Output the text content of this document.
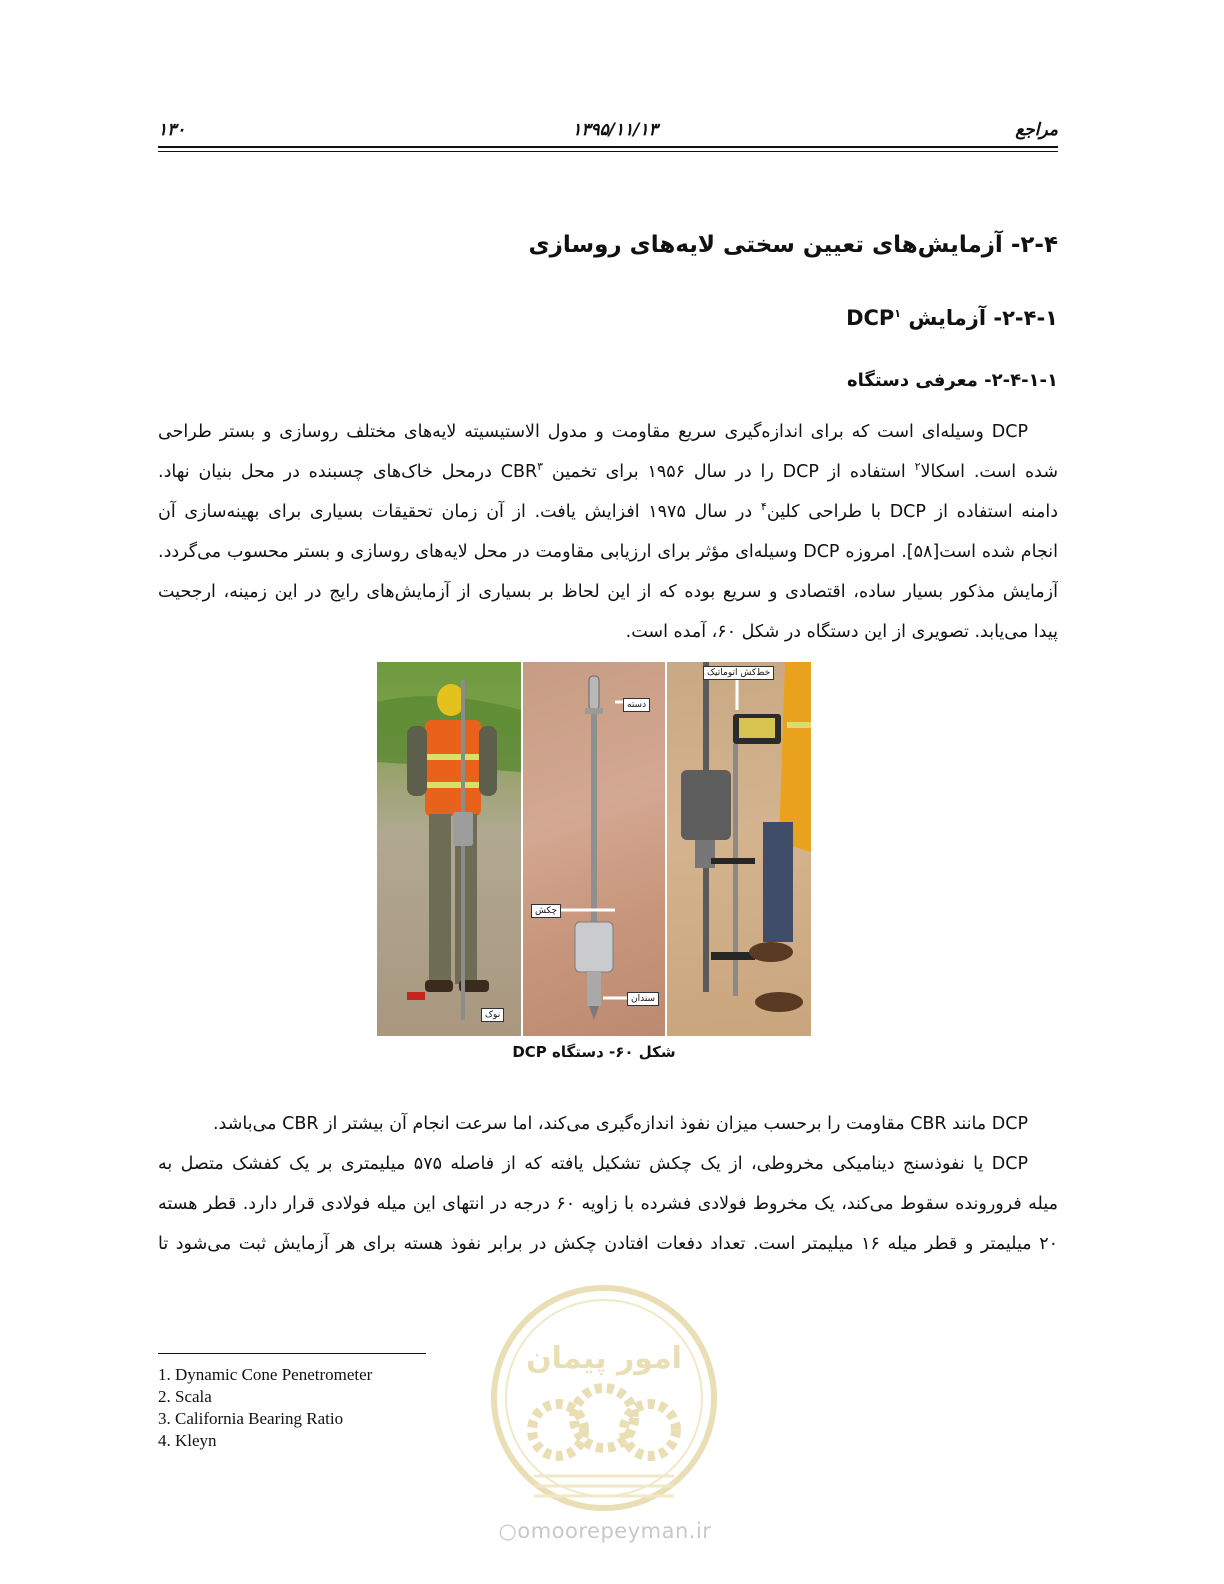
مراجع
۱۳۹۵/۱۱/۱۳
۱۳۰
۲-۴- آزمایش‌های تعیین سختی لایه‌های روسازی
۲-۴-۱- آزمایش DCP$^۱$
۲-۴-۱-۱- معرفی دستگاه
DCP وسیله‌ای است که برای اندازه‌گیری سریع مقاومت و مدول الاستیسیته لایه‌های مختلف روسازی و بستر طراحی
شده است. اسکالا$^۲$ استفاده از DCP را در سال ۱۹۵۶ برای تخمین CBR$^۳$ درمحل خاک‌های چسبنده در محل بنیان نهاد.
دامنه استفاده از DCP با طراحی کلین$^۴$ در سال ۱۹۷۵ افزایش یافت. از آن زمان تحقیقات بسیاری برای بهینه‌سازی آن
انجام شده است[۵۸]. امروزه DCP وسیله‌ای مؤثر برای ارزیابی مقاومت در محل لایه‌های روسازی و بستر محسوب می‌گردد.
آزمایش مذکور بسیار ساده، اقتصادی و سریع بوده که از این لحاظ بر بسیاری از آزمایش‌های رایج در این زمینه، ارجحیت
پیدا می‌یابد. تصویری از این دستگاه در شکل ۶۰، آمده است.
نوک
دسته
چکش
سندان
خط‌کش اتوماتیک
شکل ۶۰- دستگاه DCP
DCP مانند CBR مقاومت را برحسب میزان نفوذ اندازه‌گیری می‌کند، اما سرعت انجام آن بیشتر از CBR می‌باشد.
DCP یا نفوذسنج دینامیکی مخروطی، از یک چکش تشکیل یافته که از فاصله ۵۷۵ میلیمتری بر یک کفشک متصل به
میله فرورونده سقوط می‌کند، یک مخروط فولادی فشرده با زاویه ۶۰ درجه در انتهای این میله فولادی قرار دارد. قطر هسته
۲۰ میلیمتر و قطر میله ۱۶ میلیمتر است. تعداد دفعات افتادن چکش در برابر نفوذ هسته برای هر آزمایش ثبت می‌شود تا
1. Dynamic Cone Penetrometer
2. Scala
3. California Bearing Ratio
4. Kleyn
امور پیمان
○omoorepeyman.ir
